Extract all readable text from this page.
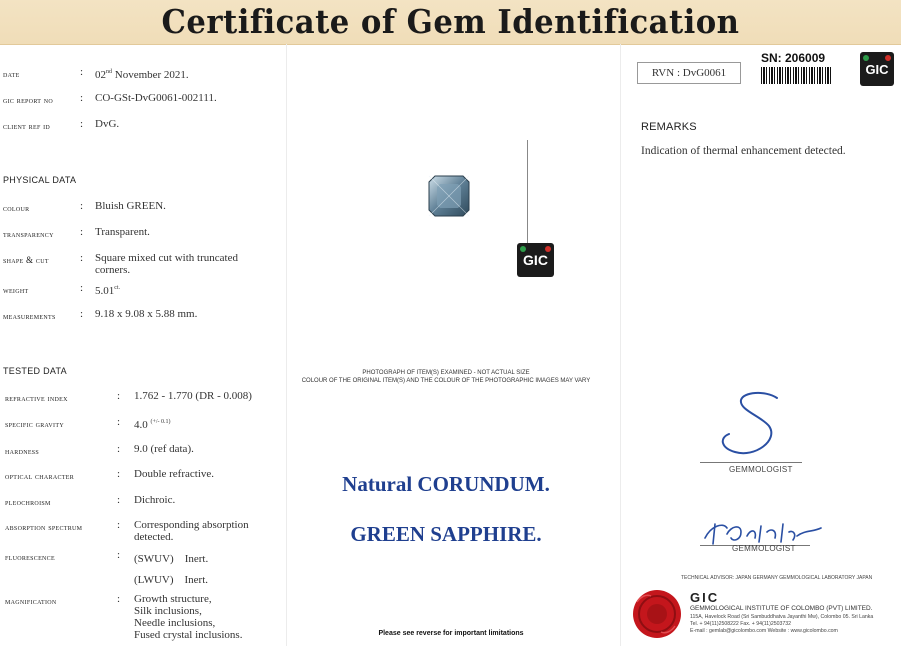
Certificate of Gem Identification
date	: 02nd November 2021.
gic report no : CO-GSt-DvG0061-002111.
client ref id	: DvG.
PHYSICAL DATA
colour	: Bluish GREEN.
transparency : Transparent.
shape & cut	: Square mixed cut with truncated
corners.
weight	: $5.01^{ct.}$
measurements : 9.18 x 9.08 x 5.88 mm.
TESTED DATA
refractive index	: 1.762 - 1.770 (DR - 0.008)
specific gravity	: 4.0 $^{(+/- 0.1)}$
hardness	: 9.0 (ref data).
optical character	: Double refractive.
pleochroism	: Dichroic.
absorption spectrum	: Corresponding absorption
detected.
fluorescence	: (SWUV)    Inert.
(LWUV)    Inert.
magnification	: Growth structure,
Silk inclusions,
Needle inclusions,
Fused crystal inclusions.
GIC
PHOTOGRAPH OF ITEM(S) EXAMINED - NOT ACTUAL SIZE
COLOUR OF THE ORIGINAL ITEM(S) AND THE COLOUR OF THE PHOTOGRAPHIC IMAGES MAY VARY
Natural CORUNDUM.
GREEN SAPPHIRE.
Please see reverse for important limitations
RVN : DvG0061
SN: 206009
GIC
REMARKS
Indication of thermal enhancement detected.
GEMMOLOGIST
GEMMOLOGIST
TECHNICAL ADVISOR: JAPAN GERMANY GEMMOLOGICAL LABORATORY JAPAN
GIC
GEMMOLOGICAL INSTITUTE OF COLOMBO (PVT) LIMITED.
115A, Havelock Road (Sri Sambuddhatva Jayanthi Mw), Colombo 05. Sri Lanka
Tel. + 94(11)2508222 Fax. + 94(11)2503732
E-mail : gemlab@gicolombo.com Website : www.gicolombo.com
